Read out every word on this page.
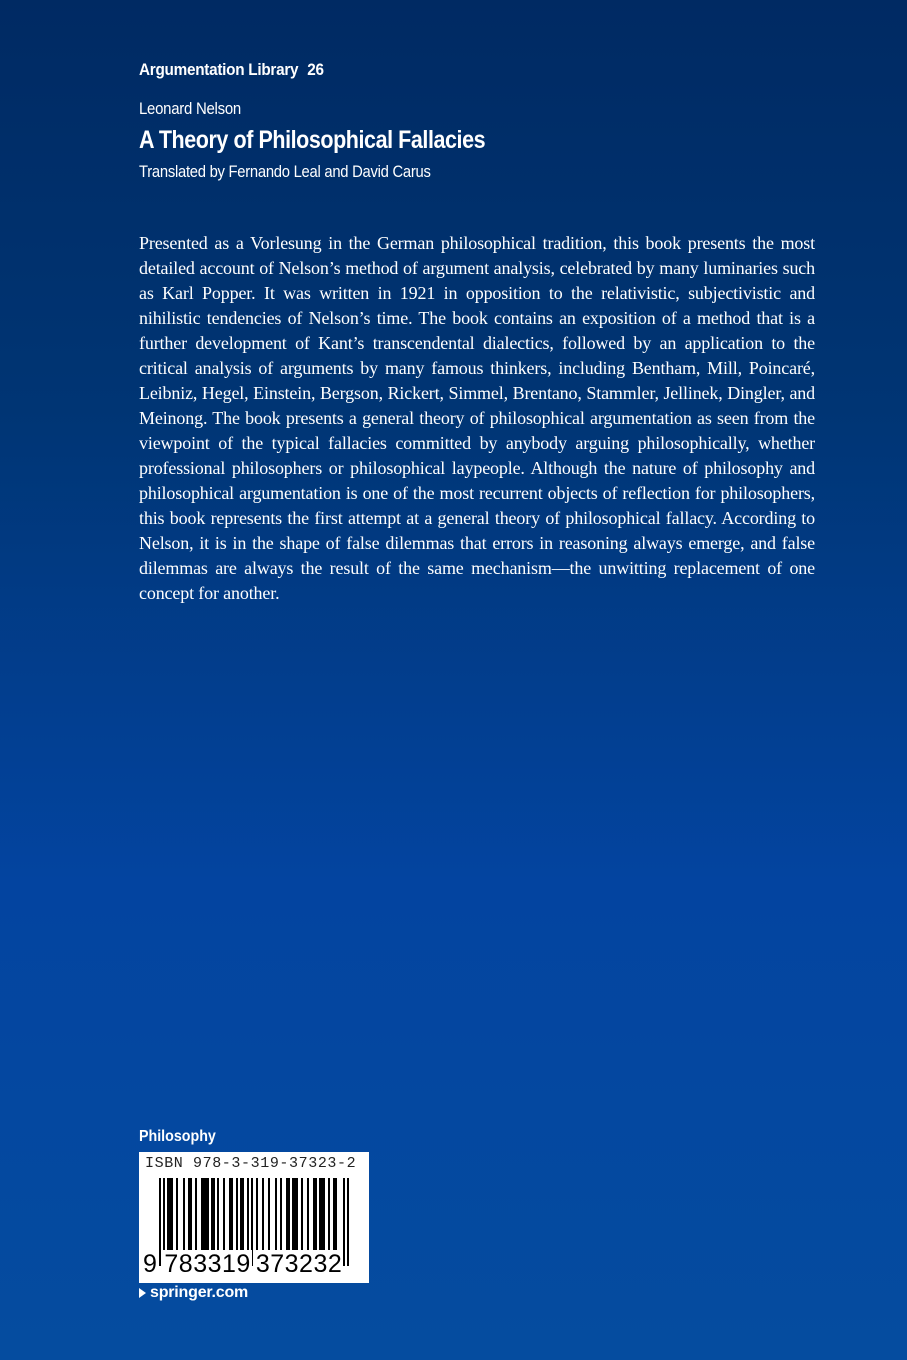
Argumentation Library 26
Leonard Nelson
A Theory of Philosophical Fallacies
Translated by Fernando Leal and David Carus

Presented as a Vorlesung in the German philosophical tradition, this book presents the most detailed account of Nelson’s method of argument analysis, celebrated by many luminaries such as Karl Popper. It was written in 1921 in opposition to the relativistic, subjectivistic and nihilistic tendencies of Nelson’s time. The book contains an exposition of a method that is a further development of Kant’s transcendental dialectics, followed by an application to the critical analysis of arguments by many famous thinkers, including Bentham, Mill, Poincaré, Leibniz, Hegel, Einstein, Bergson, Rickert, Simmel, Brentano, Stammler, Jellinek, Dingler, and Meinong. The book presents a general theory of philosophical argumentation as seen from the viewpoint of the typical fallacies committed by anybody arguing philosophically, whether professional philosophers or philosophical laypeople. Although the nature of philosophy and philosophical argumentation is one of the most recurrent objects of reflection for philosophers, this book represents the first attempt at a general theory of philosophical fallacy. According to Nelson, it is in the shape of false dilemmas that errors in reasoning always emerge, and false dilemmas are always the result of the same mechanism—the unwitting replacement of one concept for another.

Philosophy
ISBN 978-3-319-37323-2
9 783319 373232
springer.com
